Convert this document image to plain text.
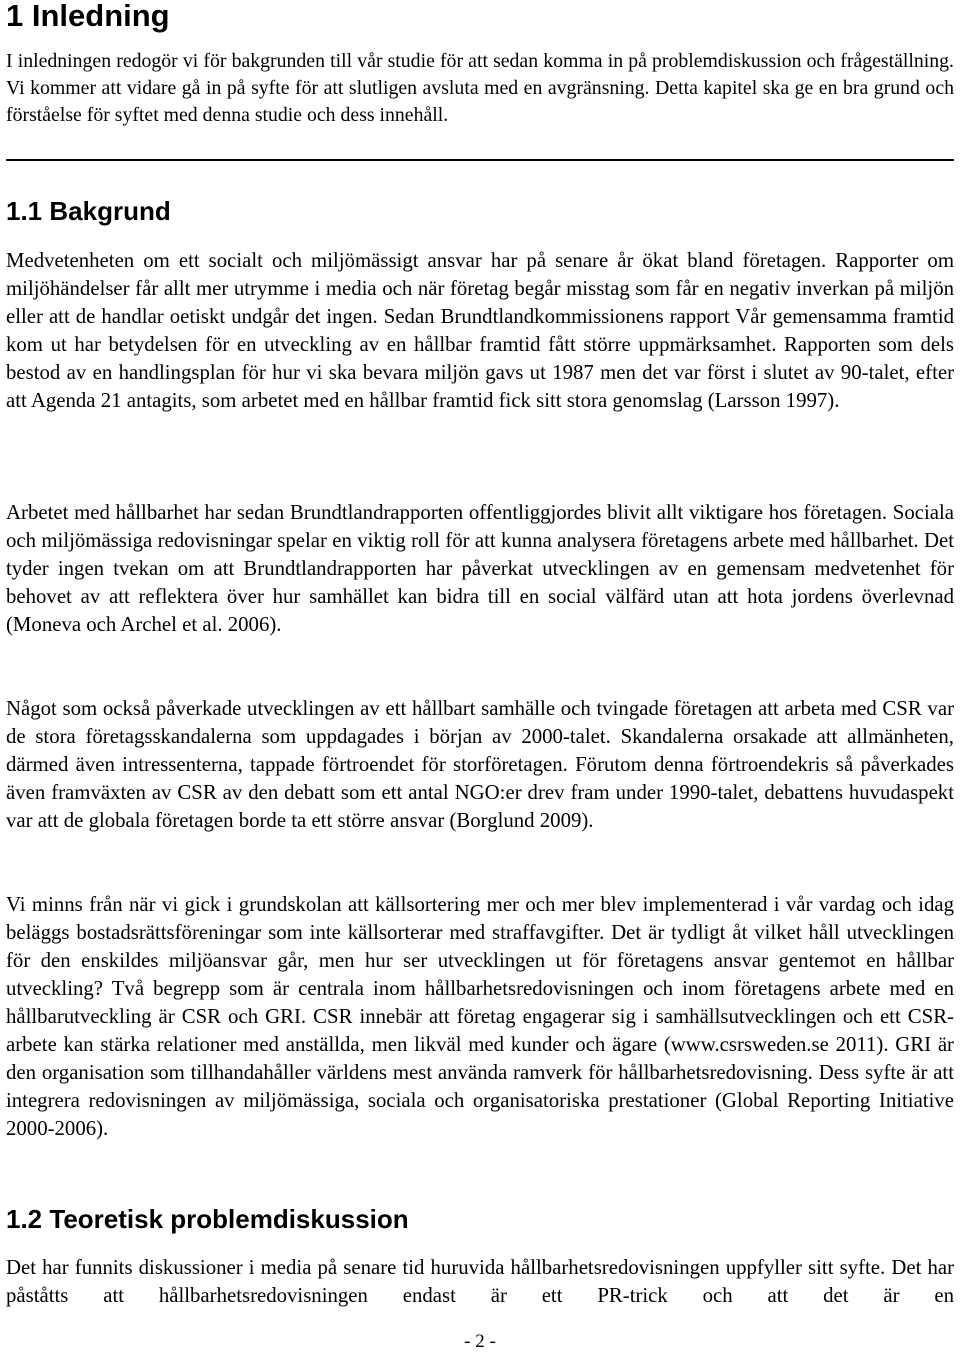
1 Inledning

I inledningen redogör vi för bakgrunden till vår studie för att sedan komma in på problemdiskussion och frågeställning. Vi kommer att vidare gå in på syfte för att slutligen avsluta med en avgränsning. Detta kapitel ska ge en bra grund och förståelse för syftet med denna studie och dess innehåll.

1.1 Bakgrund

Medvetenheten om ett socialt och miljömässigt ansvar har på senare år ökat bland företagen. Rapporter om miljöhändelser får allt mer utrymme i media och när företag begår misstag som får en negativ inverkan på miljön eller att de handlar oetiskt undgår det ingen. Sedan Brundtlandkommissionens rapport Vår gemensamma framtid kom ut har betydelsen för en utveckling av en hållbar framtid fått större uppmärksamhet. Rapporten som dels bestod av en handlingsplan för hur vi ska bevara miljön gavs ut 1987 men det var först i slutet av 90-talet, efter att Agenda 21 antagits, som arbetet med en hållbar framtid fick sitt stora genomslag (Larsson 1997).

Arbetet med hållbarhet har sedan Brundtlandrapporten offentliggjordes blivit allt viktigare hos företagen. Sociala och miljömässiga redovisningar spelar en viktig roll för att kunna analysera företagens arbete med hållbarhet. Det tyder ingen tvekan om att Brundtlandrapporten har påverkat utvecklingen av en gemensam medvetenhet för behovet av att reflektera över hur samhället kan bidra till en social välfärd utan att hota jordens överlevnad (Moneva och Archel et al. 2006).

Något som också påverkade utvecklingen av ett hållbart samhälle och tvingade företagen att arbeta med CSR var de stora företagsskandalerna som uppdagades i början av 2000-talet. Skandalerna orsakade att allmänheten, därmed även intressenterna, tappade förtroendet för storföretagen. Förutom denna förtroendekris så påverkades även framväxten av CSR av den debatt som ett antal NGO:er drev fram under 1990-talet, debattens huvudaspekt var att de globala företagen borde ta ett större ansvar (Borglund 2009).

Vi minns från när vi gick i grundskolan att källsortering mer och mer blev implementerad i vår vardag och idag beläggs bostadsrättsföreningar som inte källsorterar med straffavgifter. Det är tydligt åt vilket håll utvecklingen för den enskildes miljöansvar går, men hur ser utvecklingen ut för företagens ansvar gentemot en hållbar utveckling? Två begrepp som är centrala inom hållbarhetsredovisningen och inom företagens arbete med en hållbarutveckling är CSR och GRI. CSR innebär att företag engagerar sig i samhällsutvecklingen och ett CSR-arbete kan stärka relationer med anställda, men likväl med kunder och ägare (www.csrsweden.se 2011). GRI är den organisation som tillhandahåller världens mest använda ramverk för hållbarhetsredovisning. Dess syfte är att integrera redovisningen av miljömässiga, sociala och organisatoriska prestationer (Global Reporting Initiative 2000-2006).

1.2 Teoretisk problemdiskussion

Det har funnits diskussioner i media på senare tid huruvida hållbarhetsredovisningen uppfyller sitt syfte. Det har påståtts att hållbarhetsredovisningen endast är ett PR-trick och att det är en

- 2 -
